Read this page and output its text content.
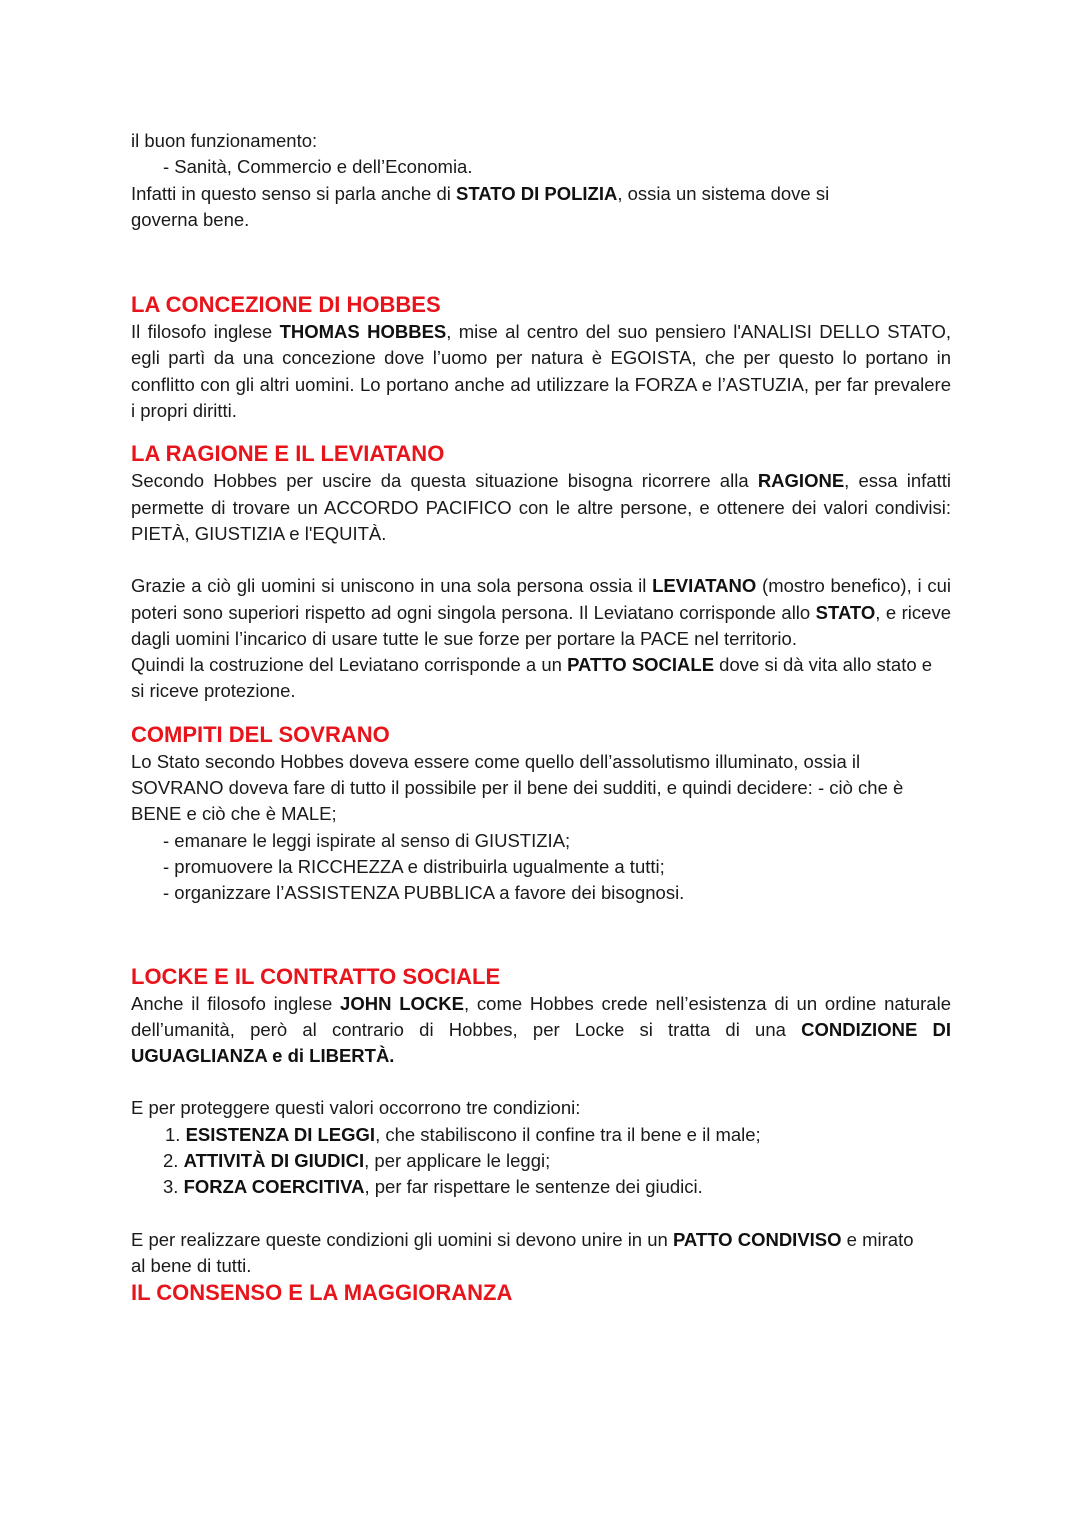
il buon funzionamento:

- Sanità, Commercio e dell’Economia.

Infatti in questo senso si parla anche di STATO DI POLIZIA, ossia un sistema dove si governa bene.

LA CONCEZIONE DI HOBBES

Il filosofo inglese THOMAS HOBBES, mise al centro del suo pensiero l'ANALISI DELLO STATO, egli partì da una concezione dove l’uomo per natura è EGOISTA, che per questo lo portano in conflitto con gli altri uomini. Lo portano anche ad utilizzare la FORZA e l’ASTUZIA, per far prevalere i propri diritti.

LA RAGIONE E IL LEVIATANO

Secondo Hobbes per uscire da questa situazione bisogna ricorrere alla RAGIONE, essa infatti permette di trovare un ACCORDO PACIFICO con le altre persone, e ottenere dei valori condivisi: PIETÀ, GIUSTIZIA e l'EQUITÀ.

Grazie a ciò gli uomini si uniscono in una sola persona ossia il LEVIATANO (mostro benefico), i cui poteri sono superiori rispetto ad ogni singola persona. Il Leviatano corrisponde allo STATO, e riceve dagli uomini l’incarico di usare tutte le sue forze per portare la PACE nel territorio.

Quindi la costruzione del Leviatano corrisponde a un PATTO SOCIALE dove si dà vita allo stato e si riceve protezione.

COMPITI DEL SOVRANO

Lo Stato secondo Hobbes doveva essere come quello dell’assolutismo illuminato, ossia il SOVRANO doveva fare di tutto il possibile per il bene dei sudditi, e quindi decidere: - ciò che è BENE e ciò che è MALE;

- emanare le leggi ispirate al senso di GIUSTIZIA;

- promuovere la RICCHEZZA e distribuirla ugualmente a tutti;

- organizzare l’ASSISTENZA PUBBLICA a favore dei bisognosi.

LOCKE E IL CONTRATTO SOCIALE

Anche il filosofo inglese JOHN LOCKE, come Hobbes crede nell’esistenza di un ordine naturale dell’umanità, però al contrario di Hobbes, per Locke si tratta di una CONDIZIONE DI UGUAGLIANZA e di LIBERTÀ.

E per proteggere questi valori occorrono tre condizioni:

1. ESISTENZA DI LEGGI, che stabiliscono il confine tra il bene e il male;

2. ATTIVITÀ DI GIUDICI, per applicare le leggi;

3. FORZA COERCITIVA, per far rispettare le sentenze dei giudici.

E per realizzare queste condizioni gli uomini si devono unire in un PATTO CONDIVISO e mirato al bene di tutti.

IL CONSENSO E LA MAGGIORANZA
